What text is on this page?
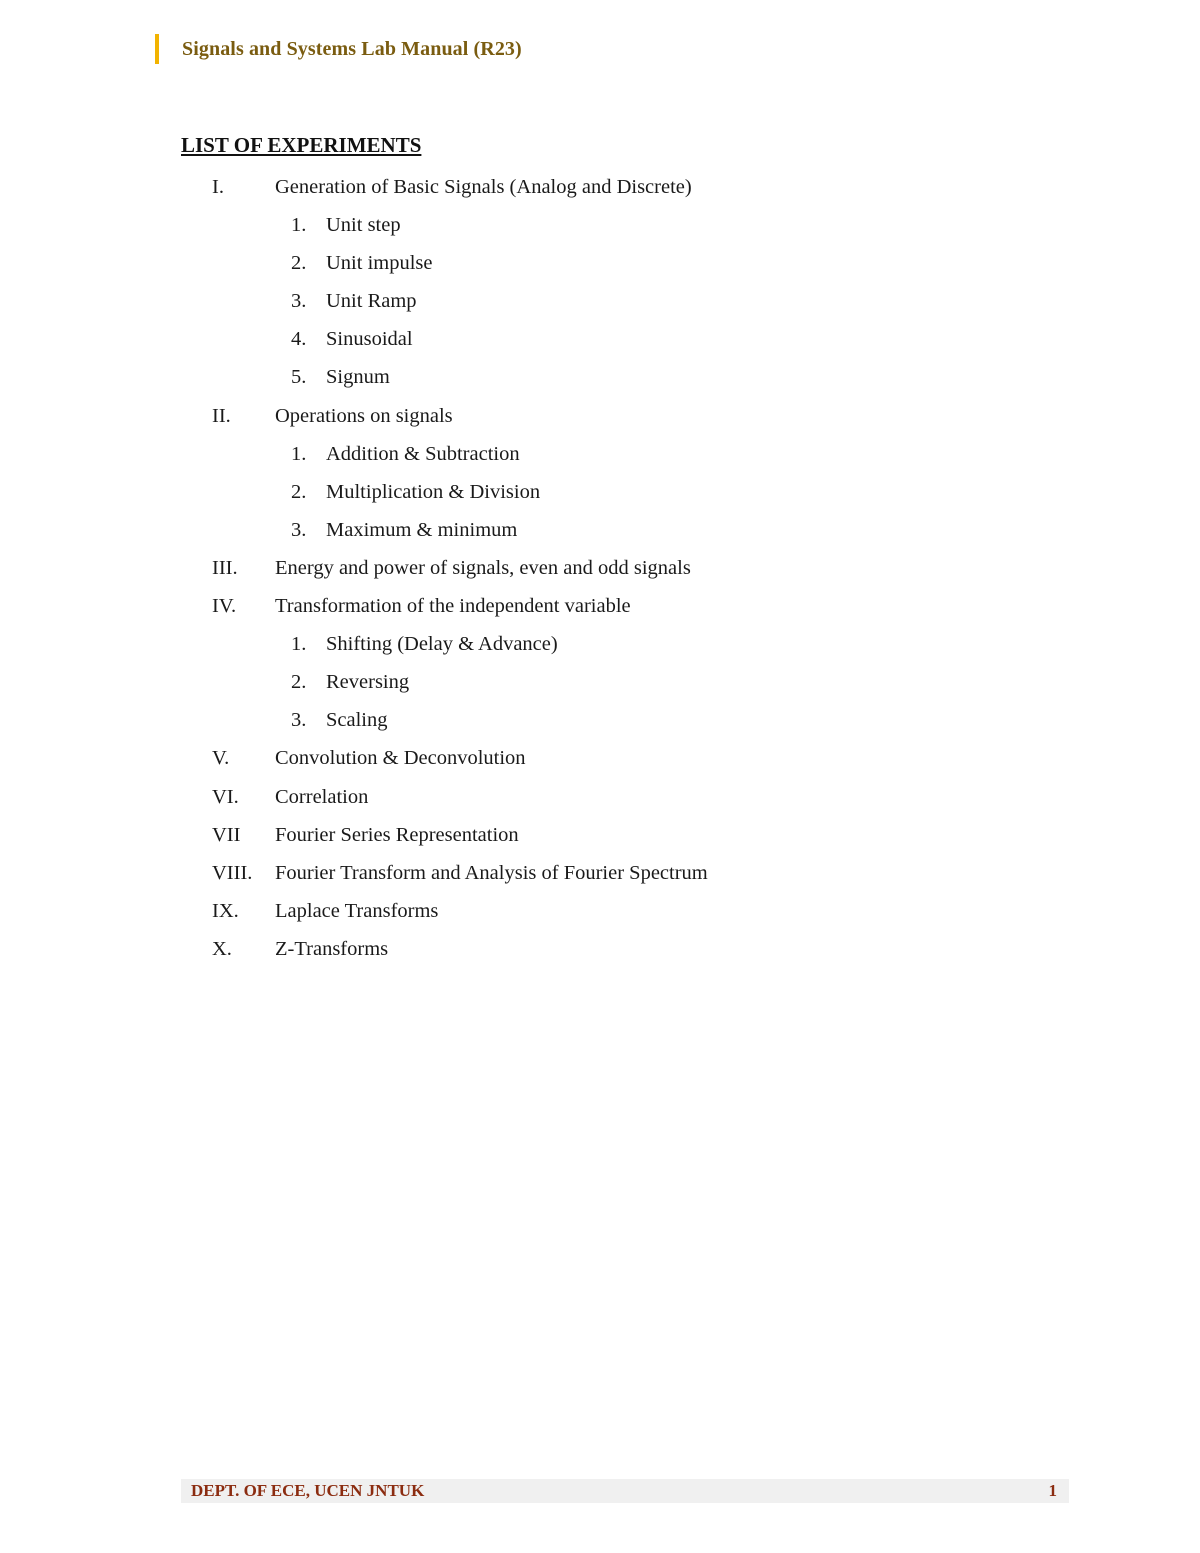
Signals and Systems Lab Manual (R23)
LIST OF EXPERIMENTS
I. Generation of Basic Signals (Analog and Discrete)
1. Unit step
2. Unit impulse
3. Unit Ramp
4. Sinusoidal
5. Signum
II. Operations on signals
1. Addition & Subtraction
2. Multiplication & Division
3. Maximum & minimum
III. Energy and power of signals, even and odd signals
IV. Transformation of the independent variable
1. Shifting (Delay & Advance)
2. Reversing
3. Scaling
V. Convolution & Deconvolution
VI. Correlation
VII Fourier Series Representation
VIII. Fourier Transform and Analysis of Fourier Spectrum
IX. Laplace Transforms
X. Z-Transforms
DEPT. OF ECE, UCEN JNTUK	1
